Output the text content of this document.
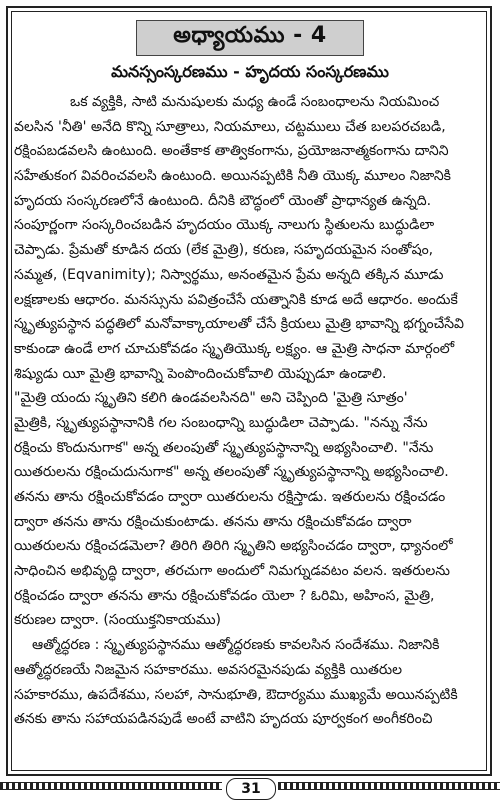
అధ్యాయము - 4
మనస్సంస్కరణము - హృదయ సంస్కరణము
ఒక వ్యక్తికి, సాటి మనుషులకు మధ్య ఉండే సంబంధాలను నియమించ
వలసిన 'నీతి' అనేది కొన్ని సూత్రాలు, నియమాలు, చట్టములు చేత బలపరచబడి,
రక్షింపబడవలసి ఉంటుంది. అంతేకాక తాత్వికంగాను, ప్రయోజనాత్మకంగాను దానిని
సహేతుకంగ వివరించవలసి ఉంటుంది. అయినప్పటికి నీతి యొక్క మూలం నిజానికి
హృదయ సంస్కరణలోనే ఉంటుంది. దీనికి బౌద్ధంలో యెంతో ప్రాధాన్యత ఉన్నది.
సంపూర్ణంగా సంస్కరించబడిన హృదయం యొక్క నాలుగు స్థితులను బుద్ధుడిలా
చెప్పాడు. ప్రేమతో కూడిన దయ (లేక మైత్రి), కరుణ, సహృదయమైన సంతోషం,
సమ్మత, (Eqvanimity); నిస్వార్థము, అనంతమైన ప్రేమ అన్నది తక్కిన మూడు
లక్షణాలకు ఆధారం. మనస్సును పవిత్రంచేసే యత్నానికి కూడ అదే ఆధారం. అందుకే
స్మృత్యుపస్థాన పద్ధతిలో మనోవాక్కాయాలతో చేసే క్రియలు మైత్రి భావాన్ని భగ్నంచేసేవి
కాకుండా ఉండే లాగ చూచుకోవడం స్మృతియొక్క లక్ష్యం. ఆ మైత్రి సాధనా మార్గంలో
శిష్యుడు యీ మైత్రి భావాన్ని పెంపొందించుకోవాలి యెప్పుడూ ఉండాలి.
"మైత్రి యందు స్మృతిని కలిగి ఉండవలసినది" అని చెప్పింది 'మైత్రి సూత్రం'
మైత్రికి, స్మృత్యుపస్థానానికి గల సంబంధాన్ని బుద్ధుడిలా చెప్పాడు. "నన్ను నేను
రక్షించు కొందునుగాక" అన్న తలంపుతో స్మృత్యుపస్థానాన్ని అభ్యసించాలి. "నేను
యితరులను రక్షించుదునుగాక" అన్న తలంపుతో స్మృత్యుపస్థానాన్ని అభ్యసించాలి.
తనను తాను రక్షించుకోవడం ద్వారా యితరులను రక్షిస్తాడు. ఇతరులను రక్షించడం
ద్వారా తనను తాను రక్షించుకుంటాడు. తనను తాను రక్షించుకోవడం ద్వారా
యితరులను రక్షించడమెలా? తిరిగి తిరిగి స్మృతిని అభ్యసించడం ద్వారా, ధ్యానంలో
సాధించిన అభివృద్ధి ద్వారా, తరచుగా అందులో నిమగ్నుడవటం వలన. ఇతరులను
రక్షించడం ద్వారా తనను తాను రక్షించుకోవడం యెలా ? ఓరిమి, అహింస, మైత్రి,
కరుణల ద్వారా. (సంయుక్తనికాయము)
ఆత్మోద్ధరణ : స్మృత్యుపస్థానము ఆత్మోద్ధరణకు కావలసిన సందేశము. నిజానికి
ఆత్మోద్ధరణయే నిజమైన సహకారము. అవసరమైనపుడు వ్యక్తికి యితరుల
సహకారము, ఉపదేశము, సలహా, సానుభూతి, ఔదార్యము ముఖ్యమే అయినప్పటికి
తనకు తాను సహాయపడినపుడే అంటే వాటిని హృదయ పూర్వకంగ అంగీకరించి
31
